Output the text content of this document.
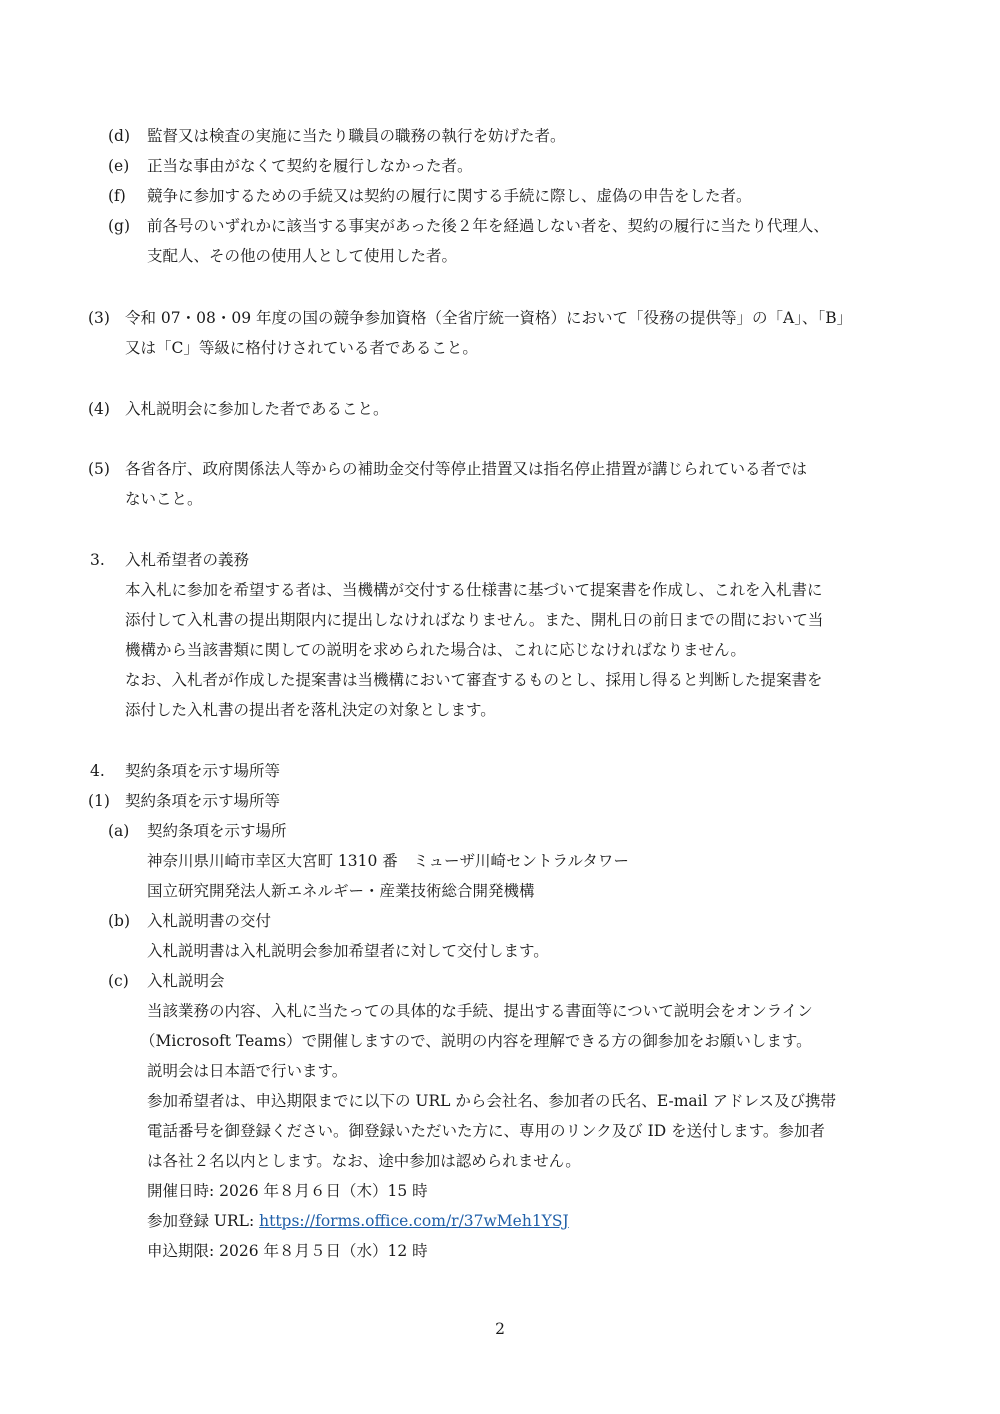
(d) 監督又は検査の実施に当たり職員の職務の執行を妨げた者。
(e) 正当な事由がなくて契約を履行しなかった者。
(f) 競争に参加するための手続又は契約の履行に関する手続に際し、虚偽の申告をした者。
(g) 前各号のいずれかに該当する事実があった後２年を経過しない者を、契約の履行に当たり代理人、
支配人、その他の使用人として使用した者。
(3) 令和 07・08・09 年度の国の競争参加資格（全省庁統一資格）において「役務の提供等」の「A」、「B」
又は「C」等級に格付けされている者であること。
(4) 入札説明会に参加した者であること。
(5) 各省各庁、政府関係法人等からの補助金交付等停止措置又は指名停止措置が講じられている者では
ないこと。
3. 入札希望者の義務
本入札に参加を希望する者は、当機構が交付する仕様書に基づいて提案書を作成し、これを入札書に
添付して入札書の提出期限内に提出しなければなりません。また、開札日の前日までの間において当
機構から当該書類に関しての説明を求められた場合は、これに応じなければなりません。
なお、入札者が作成した提案書は当機構において審査するものとし、採用し得ると判断した提案書を
添付した入札書の提出者を落札決定の対象とします。
4. 契約条項を示す場所等
(1) 契約条項を示す場所等
(a) 契約条項を示す場所
神奈川県川崎市幸区大宮町 1310 番　ミューザ川崎セントラルタワー
国立研究開発法人新エネルギー・産業技術総合開発機構
(b) 入札説明書の交付
入札説明書は入札説明会参加希望者に対して交付します。
(c) 入札説明会
当該業務の内容、入札に当たっての具体的な手続、提出する書面等について説明会をオンライン
（Microsoft Teams）で開催しますので、説明の内容を理解できる方の御参加をお願いします。
説明会は日本語で行います。
参加希望者は、申込期限までに以下の URL から会社名、参加者の氏名、E-mail アドレス及び携帯
電話番号を御登録ください。御登録いただいた方に、専用のリンク及び ID を送付します。参加者
は各社２名以内とします。なお、途中参加は認められません。
開催日時: 2026 年８月６日（木）15 時
参加登録 URL: https://forms.office.com/r/37wMeh1YSJ
申込期限: 2026 年８月５日（水）12 時
2
